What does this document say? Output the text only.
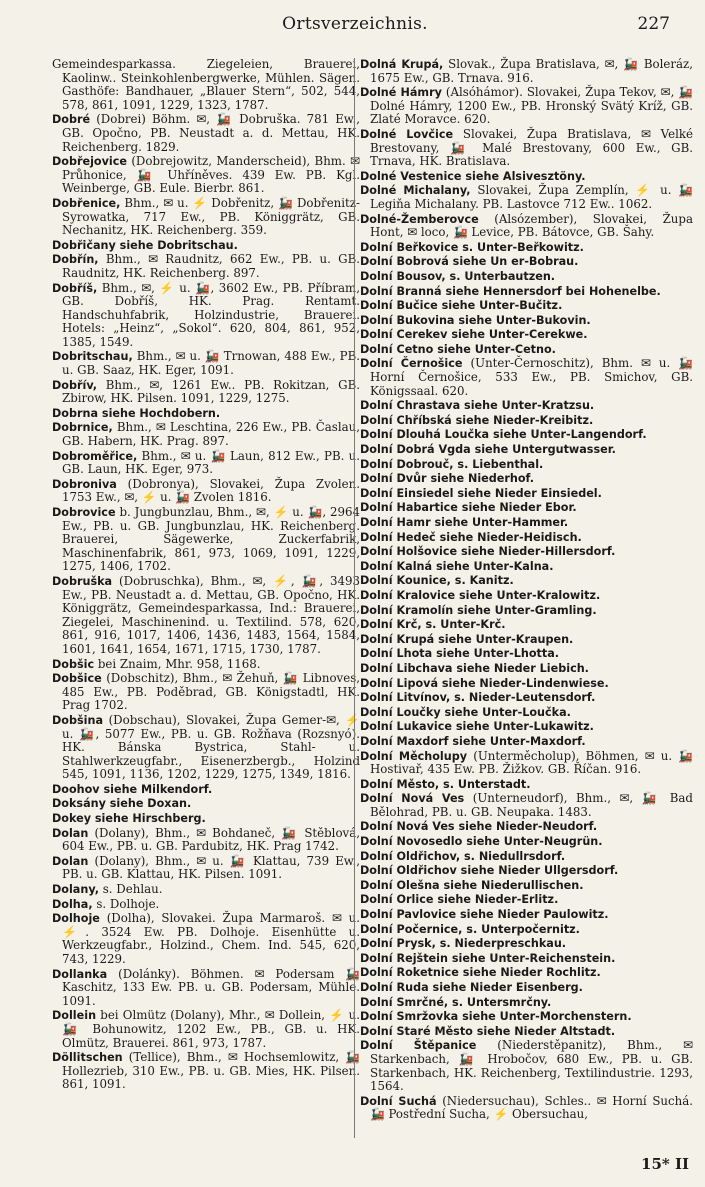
Ortsverzeichnis.	227

Gemeindesparkassa. Ziegeleien, Brauerei, Kaolinw.. Steinkohlenbergwerke, Mühlen. Sägen. Gasthöfe: Bandhauer, „Blauer Stern“, 502, 544, 578, 861, 1091, 1229, 1323, 1787.

Dobré (Dobrei) Böhm. ✉, 🚂 Dobruška. 781 Ew., GB. Opočno, PB. Neustadt a. d. Mettau, HK. Reichenberg. 1829.

Dobřejovice (Dobrejowitz, Manderscheid), Bhm. ✉ Průhonice, 🚂 Uhříněves. 439 Ew. PB. Kgl. Weinberge, GB. Eule. Bierbr. 861.

Dobřenice, Bhm., ✉ u. ⚡ Dobřenitz, 🚂 Dobřenitz-Syrowatka, 717 Ew., PB. Königgrätz, GB. Nechanitz, HK. Reichenberg. 359.

Dobřičany siehe Dobritschau.

Dobřín, Bhm., ✉ Raudnitz, 662 Ew., PB. u. GB. Raudnitz, HK. Reichenberg. 897.

Dobříš, Bhm., ✉, ⚡ u. 🚂, 3602 Ew., PB. Příbram, GB. Dobříš, HK. Prag. Rentamt. Handschuhfabrik, Holzindustrie, Brauerei. Hotels: „Heinz“, „Sokol“. 620, 804, 861, 952, 1385, 1549.

Dobritschau, Bhm., ✉ u. 🚂 Trnowan, 488 Ew., PB. u. GB. Saaz, HK. Eger, 1091.

Dobřív, Bhm., ✉, 1261 Ew.. PB. Rokitzan, GB. Zbirow, HK. Pilsen. 1091, 1229, 1275.

Dobrna siehe Hochdobern.

Dobrnice, Bhm., ✉ Leschtina, 226 Ew., PB. Časlau, GB. Habern, HK. Prag. 897.

Dobroměřice, Bhm., ✉ u. 🚂 Laun, 812 Ew., PB. u. GB. Laun, HK. Eger, 973.

Dobroniva (Dobronya), Slovakei, Župa Zvolen. 1753 Ew., ✉, ⚡ u. 🚂 Zvolen 1816.

Dobrovice b. Jungbunzlau, Bhm., ✉, ⚡ u. 🚂, 2964 Ew., PB. u. GB. Jungbunzlau, HK. Reichenberg. Brauerei, Sägewerke, Zuckerfabrik, Maschinenfabrik, 861, 973, 1069, 1091, 1229, 1275, 1406, 1702.

Dobruška (Dobruschka), Bhm., ✉, ⚡, 🚂, 3493 Ew., PB. Neustadt a. d. Mettau, GB. Opočno, HK. Königgrätz, Gemeindesparkassa, Ind.: Brauerei, Ziegelei, Maschinenind. u. Textilind. 578, 620, 861, 916, 1017, 1406, 1436, 1483, 1564, 1584, 1601, 1641, 1654, 1671, 1715, 1730, 1787.

Dobšic bei Znaim, Mhr. 958, 1168.

Dobšice (Dobschitz), Bhm., ✉ Žehuň, 🚂 Libnoves, 485 Ew., PB. Poděbrad, GB. Königstadtl, HK. Prag 1702.

Dobšina (Dobschau), Slovakei, Župa Gemer-✉, ⚡ u. 🚂, 5077 Ew., PB. u. GB. Rožňava (Rozsnyó). HK. Bánska Bystrica, Stahl- u. Stahlwerkzeugfabr., Eisenerzbergb., Holzind 545, 1091, 1136, 1202, 1229, 1275, 1349, 1816.

Doohov siehe Milkendorf.

Doksány siehe Doxan.

Dokey siehe Hirschberg.

Dolan (Dolany), Bhm., ✉ Bohdaneč, 🚂 Stěblová, 604 Ew., PB. u. GB. Pardubitz, HK. Prag 1742.

Dolan (Dolany), Bhm., ✉ u. 🚂 Klattau, 739 Ew., PB. u. GB. Klattau, HK. Pilsen. 1091.

Dolany, s. Dehlau.

Dolha, s. Dolhoje.

Dolhoje (Dolha), Slovakei. Župa Marmaroš. ✉ u. ⚡. 3524 Ew. PB. Dolhoje. Eisenhütte u. Werkzeugfabr., Holzind., Chem. Ind. 545, 620, 743, 1229.

Dollanka (Dolánky). Böhmen. ✉ Podersam 🚂 Kaschitz, 133 Ew. PB. u. GB. Podersam, Mühle. 1091.

Dollein bei Olmütz (Dolany), Mhr., ✉ Dollein, ⚡ u. 🚂 Bohunowitz, 1202 Ew., PB., GB. u. HK. Olmütz, Brauerei. 861, 973, 1787.

Döllitschen (Tellice), Bhm., ✉ Hochsemlowitz, 🚂 Hollezrieb, 310 Ew., PB. u. GB. Mies, HK. Pilsen. 861, 1091.

Dolná Krupá, Slovak., Župa Bratislava, ✉, 🚂 Boleráz, 1675 Ew., GB. Trnava. 916.

Dolné Hámry (Alsóhámor). Slovakei, Župa Tekov, ✉, 🚂 Dolné Hámry, 1200 Ew., PB. Hronský Svätý Kríž, GB. Zlaté Moravce. 620.

Dolné Lovčice Slovakei, Župa Bratislava, ✉ Velké Brestovany, 🚂 Malé Brestovany, 600 Ew., GB. Trnava, HK. Bratislava.

Dolné Vestenice siehe Alsivesztöny.

Dolné Michalany, Slovakei, Župa Zemplín, ⚡ u. 🚂 Legiňa Michalany. PB. Lastovce 712 Ew.. 1062.

Dolné-Žemberovce (Alsózember), Slovakei, Župa Hont, ✉ loco, 🚂 Levice, PB. Bátovce, GB. Šahy.

Dolní Beřkovice s. Unter-Beřkowitz.

Dolní Bobrová siehe Un er-Bobrau.

Dolní Bousov, s. Unterbautzen.

Dolní Branná siehe Hennersdorf bei Hohenelbe.

Dolní Bučice siehe Unter-Bučitz.

Dolní Bukovina siehe Unter-Bukovin.

Dolní Cerekev siehe Unter-Cerekwe.

Dolní Cetno siehe Unter-Cetno.

Dolní Černošice (Unter-Černoschitz), Bhm. ✉ u. 🚂 Horní Černošice, 533 Ew., PB. Smichov, GB. Königssaal. 620.

Dolní Chrastava siehe Unter-Kratzsu.

Dolní Chříbská siehe Nieder-Kreibitz.

Dolní Dlouhá Loučka siehe Unter-Langendorf.

Dolní Dobrá Vgda siehe Untergutwasser.

Dolní Dobrouč, s. Liebenthal.

Dolní Dvůr siehe Niederhof.

Dolní Einsiedel siehe Nieder Einsiedel.

Dolní Habartice siehe Nieder Ebor.

Dolní Hamr siehe Unter-Hammer.

Dolní Hedeč siehe Nieder-Heidisch.

Dolní Holšovice siehe Nieder-Hillersdorf.

Dolní Kalná siehe Unter-Kalna.

Dolní Kounice, s. Kanitz.

Dolní Kralovice siehe Unter-Kralowitz.

Dolní Kramolín siehe Unter-Gramling.

Dolní Krč, s. Unter-Krč.

Dolní Krupá siehe Unter-Kraupen.

Dolní Lhota siehe Unter-Lhotta.

Dolní Libchava siehe Nieder Liebich.

Dolní Lipová siehe Nieder-Lindenwiese.

Dolní Litvínov, s. Nieder-Leutensdorf.

Dolní Loučky siehe Unter-Loučka.

Dolní Lukavice siehe Unter-Lukawitz.

Dolní Maxdorf siehe Unter-Maxdorf.

Dolní Měcholupy (Unterměcholup), Böhmen, ✉ u. 🚂 Hostivař, 435 Ew. PB. Žižkov. GB. Říčan. 916.

Dolní Město, s. Unterstadt.

Dolní Nová Ves (Unterneudorf), Bhm., ✉, 🚂 Bad Bělohrad, PB. u. GB. Neupaka. 1483.

Dolní Nová Ves siehe Nieder-Neudorf.

Dolní Novosedlo siehe Unter-Neugrün.

Dolní Oldřichov, s. Niedullrsdorf.

Dolní Oldřichov siehe Nieder Ullgersdorf.

Dolní Olešna siehe Niederullischen.

Dolní Orlice siehe Nieder-Erlitz.

Dolní Pavlovice siehe Nieder Paulowitz.

Dolní Počernice, s. Unterpočernitz.

Dolní Prysk, s. Niederpreschkau.

Dolní Rejštein siehe Unter-Reichenstein.

Dolní Roketnice siehe Nieder Rochlitz.

Dolní Ruda siehe Nieder Eisenberg.

Dolní Smrčné, s. Untersmrčny.

Dolní Smržovka siehe Unter-Morchenstern.

Dolní Staré Město siehe Nieder Altstadt.

Dolní Štěpanice (Niederstěpanitz), Bhm., ✉ Starkenbach, 🚂 Hrobočov, 680 Ew., PB. u. GB. Starkenbach, HK. Reichenberg, Textilindustrie. 1293, 1564.

Dolní Suchá (Niedersuchau), Schles.. ✉ Horní Suchá. 🚂 Postřední Sucha, ⚡ Obersuchau,

15* II
